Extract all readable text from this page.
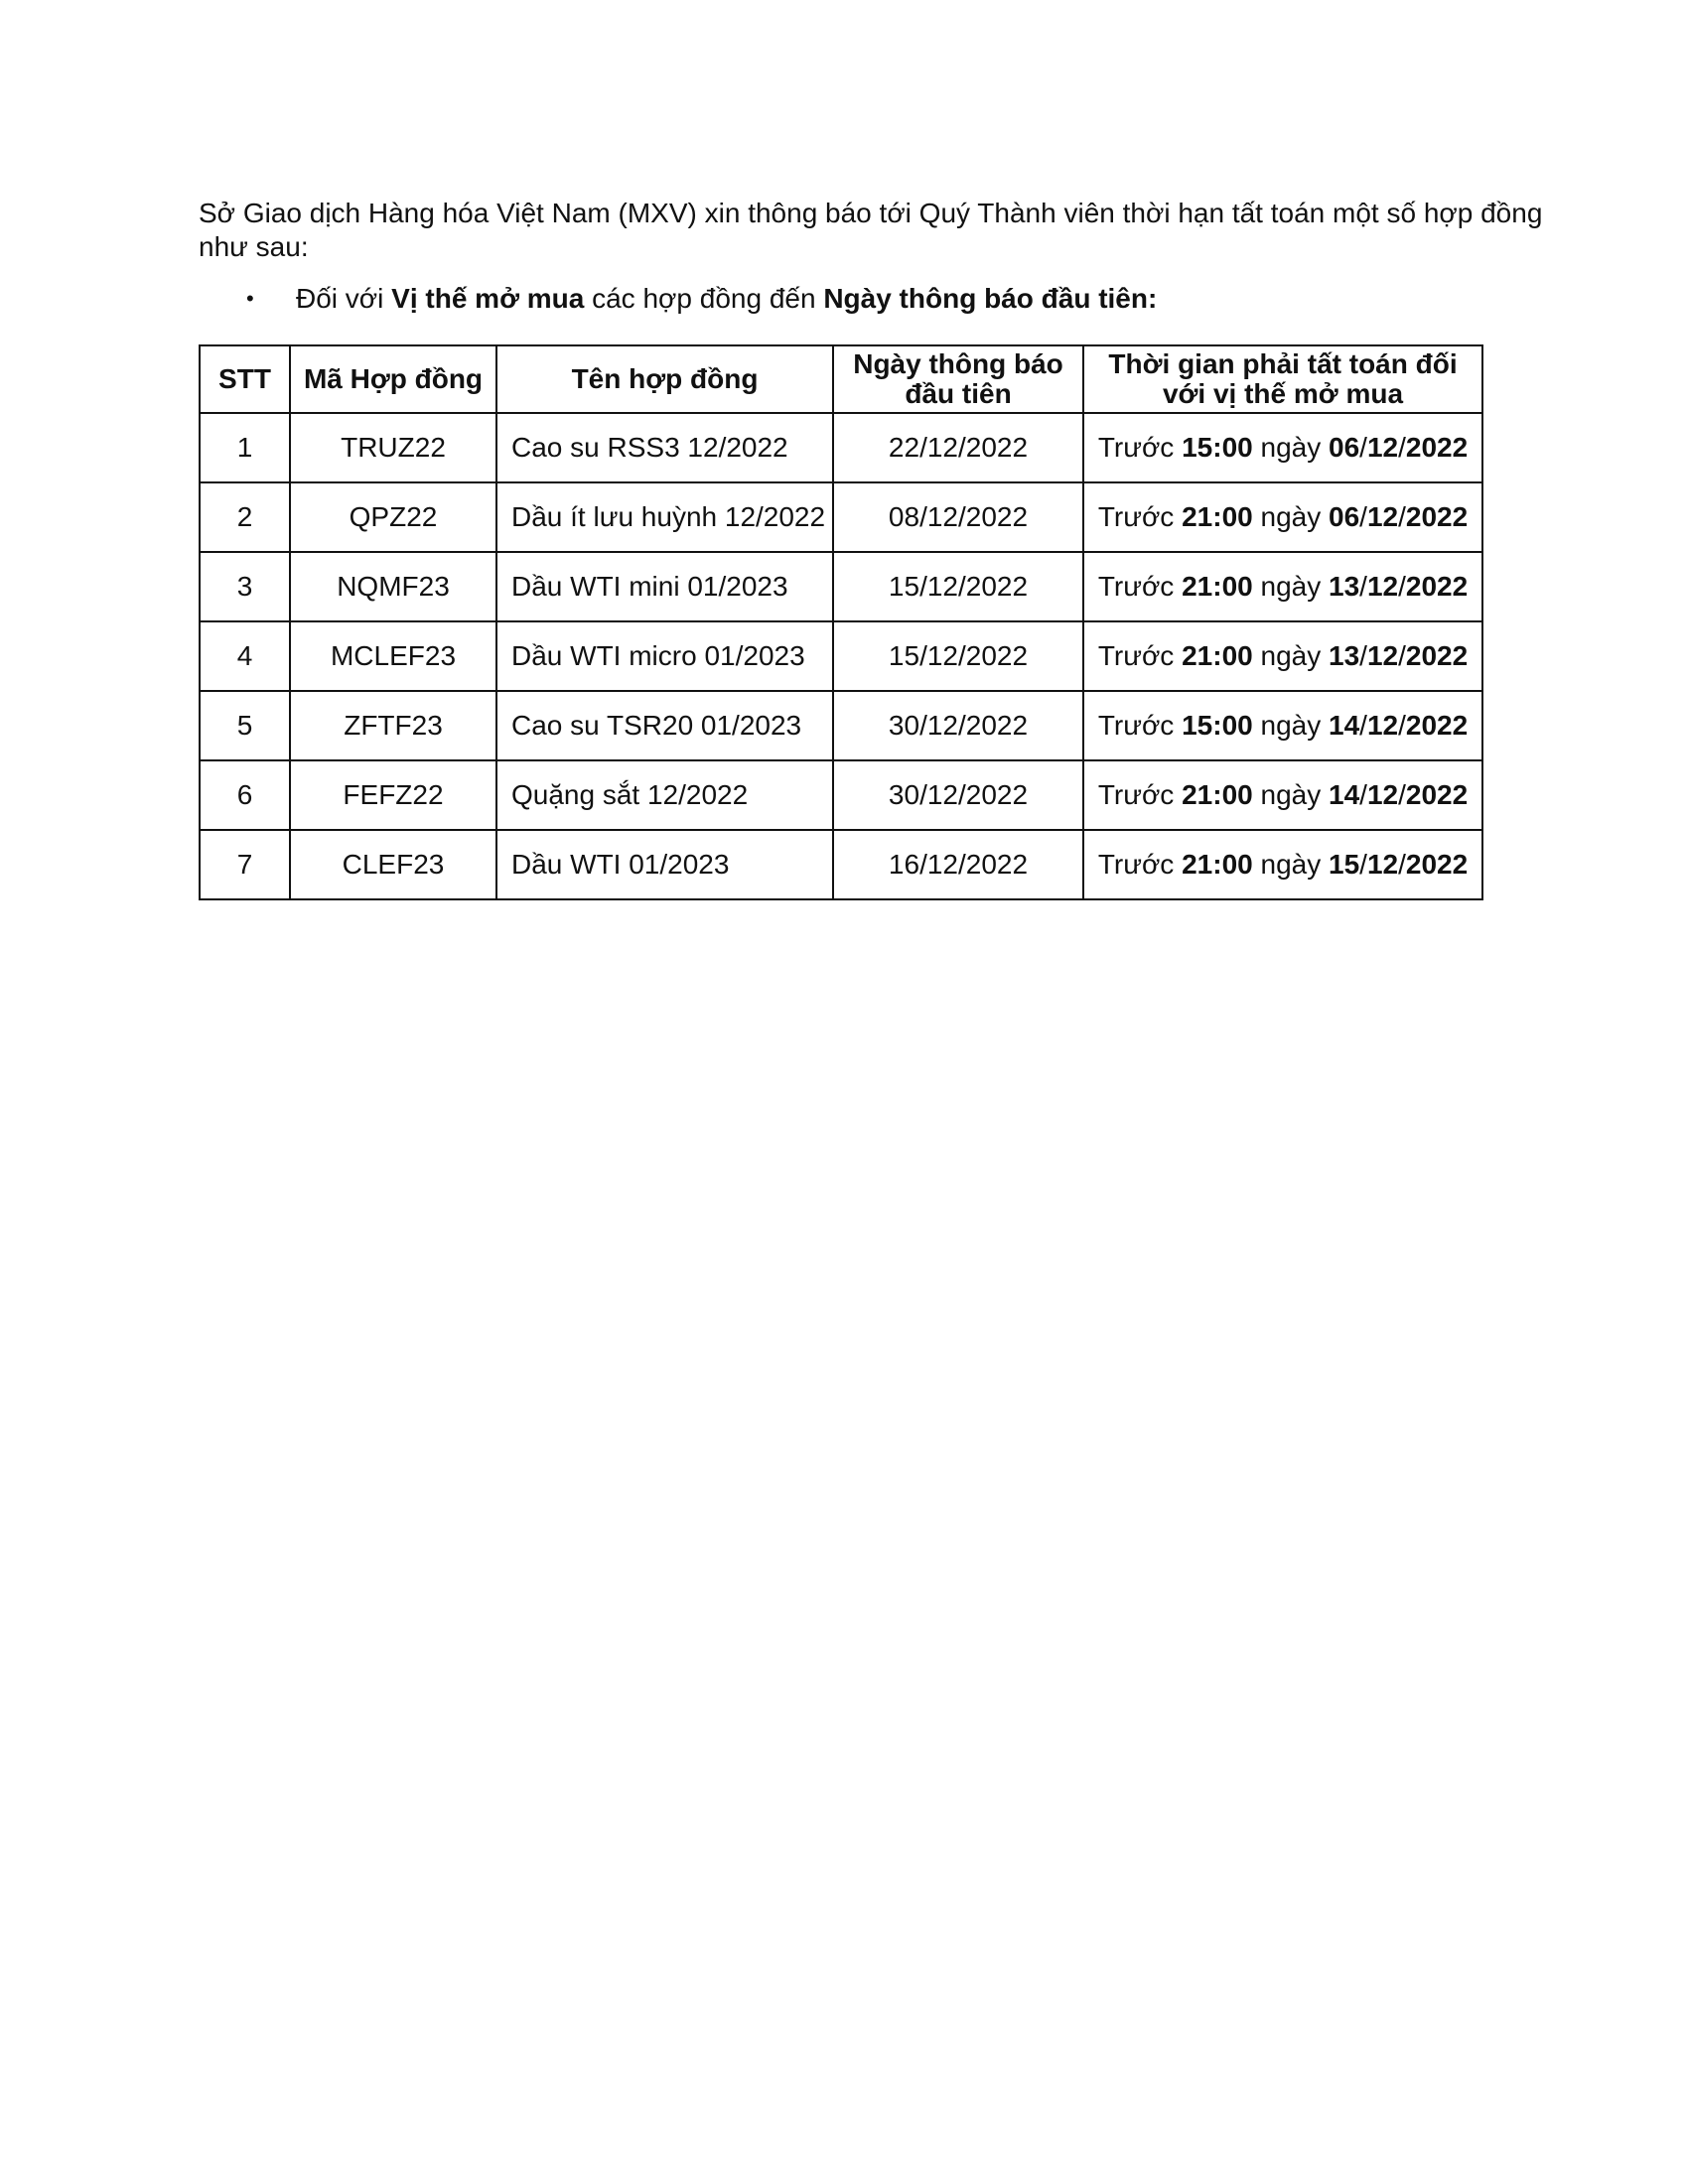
Sở Giao dịch Hàng hóa Việt Nam (MXV) xin thông báo tới Quý Thành viên thời hạn tất toán một số hợp đồng như sau:

• Đối với Vị thế mở mua các hợp đồng đến Ngày thông báo đầu tiên:

STT	Mã Hợp đồng	Tên hợp đồng	Ngày thông báo đầu tiên	Thời gian phải tất toán đối với vị thế mở mua
1	TRUZ22	Cao su RSS3 12/2022	22/12/2022	Trước 15:00 ngày 06/12/2022
2	QPZ22	Dầu ít lưu huỳnh 12/2022	08/12/2022	Trước 21:00 ngày 06/12/2022
3	NQMF23	Dầu WTI mini 01/2023	15/12/2022	Trước 21:00 ngày 13/12/2022
4	MCLEF23	Dầu WTI micro 01/2023	15/12/2022	Trước 21:00 ngày 13/12/2022
5	ZFTF23	Cao su TSR20 01/2023	30/12/2022	Trước 15:00 ngày 14/12/2022
6	FEFZ22	Quặng sắt 12/2022	30/12/2022	Trước 21:00 ngày 14/12/2022
7	CLEF23	Dầu WTI 01/2023	16/12/2022	Trước 21:00 ngày 15/12/2022
